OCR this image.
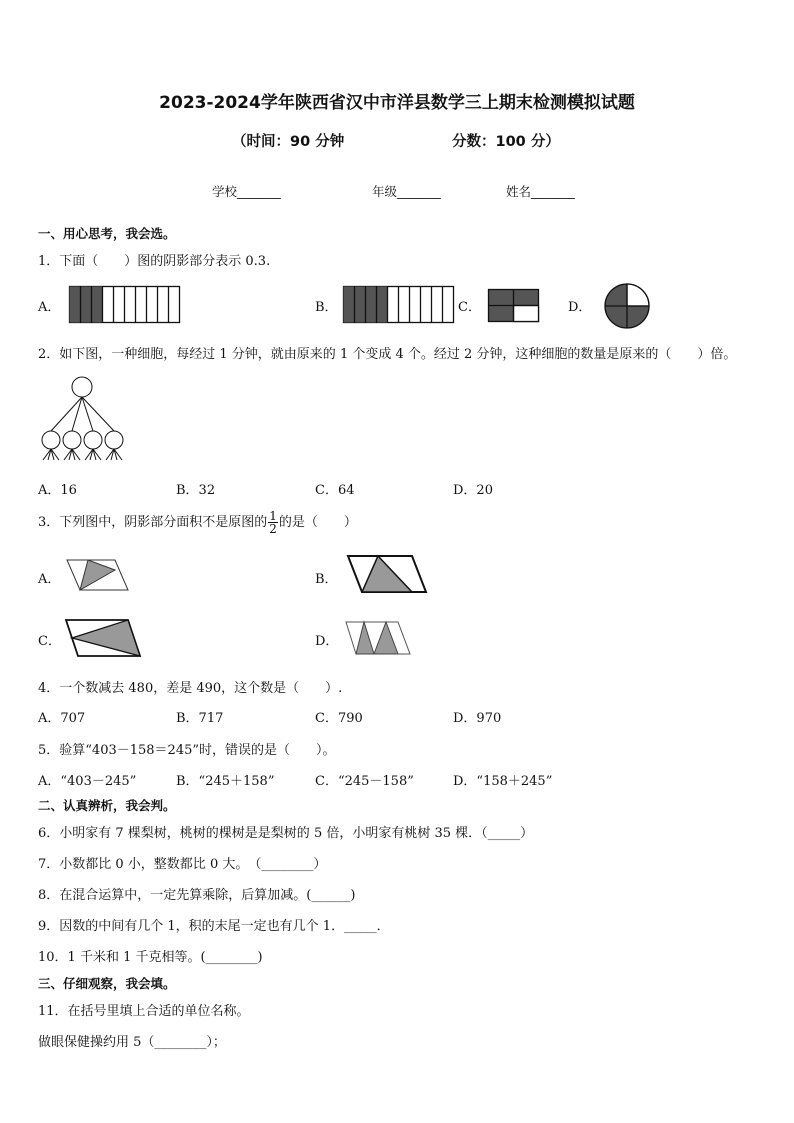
2023-2024学年陕西省汉中市洋县数学三上期末检测模拟试题
（时间：90 分钟	分数：100 分）
学校_______	年级_______	姓名_______
一、用心思考，我会选。
1．下面（　　）图的阴影部分表示 0.3.
A．	B．	C．	D．
2．如下图，一种细胞，每经过 1 分钟，就由原来的 1 个变成 4 个。经过 2 分钟，这种细胞的数量是原来的（　　）倍。
A．16	B．32	C．64	D．20
3．下列图中，阴影部分面积不是原图的 $\frac{1}{2}$ 的是（　　）
A．	B．
C．	D．
4．一个数减去 480，差是 490，这个数是（　　）.
A．707	B．717	C．790	D．970
5．验算“403－158＝245”时，错误的是（　　）。
A．“403－245”	B．“245＋158”	C．“245－158”	D．“158＋245”
二、认真辨析，我会判。
6．小明家有 7 棵梨树，桃树的棵树是是梨树的 5 倍，小明家有桃树 35 棵．（_____）
7．小数都比 0 小，整数都比 0 大。　（________）
8．在混合运算中，一定先算乘除，后算加减。(______)
9．因数的中间有几个 1，积的末尾一定也有几个 1．_____．
10．1 千米和 1 千克相等。(________)
三、仔细观察，我会填。
11．在括号里填上合适的单位名称。
做眼保健操约用 5（________）；
